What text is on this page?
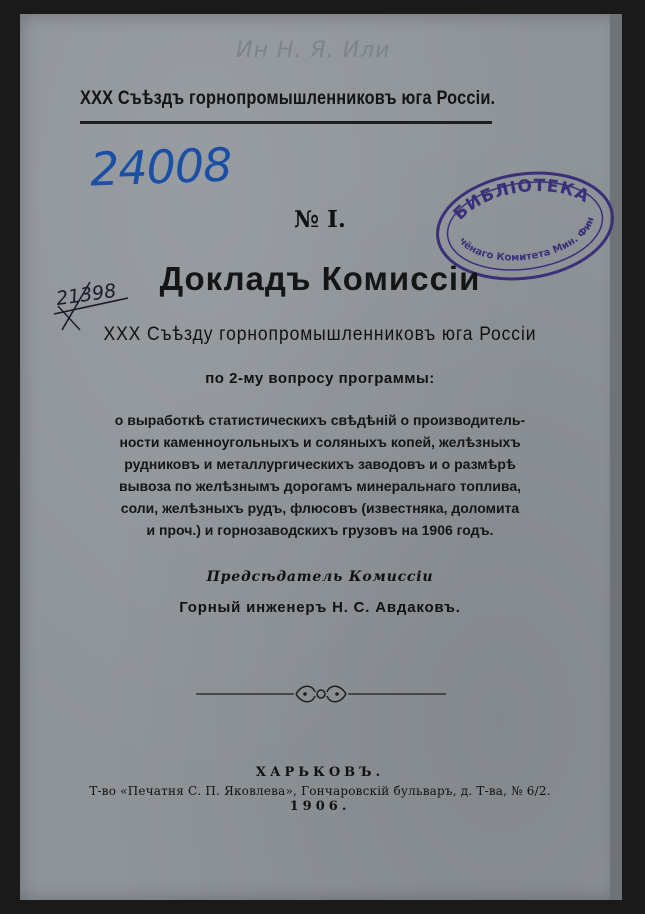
Ин Н. Я. Или
XXX Съѣздъ горнопромышленниковъ юга Россіи.
24008
БИБЛІОТЕКА
Учёнаго Комитета Мин. Фин.
21398
№ I.
Докладъ Комиссіи
XXX Съѣзду горнопромышленниковъ юга Россіи
по 2-му вопросу программы:
о выработкѣ статистическихъ свѣдѣній о производитель-
ности каменноугольныхъ и соляныхъ копей, желѣзныхъ
рудниковъ и металлургическихъ заводовъ и о размѣрѣ
вывоза по желѣзнымъ дорогамъ минеральнаго топлива,
соли, желѣзныхъ рудъ, флюсовъ (известняка, доломита
и проч.) и горнозаводскихъ грузовъ на 1906 годъ.
Предсѣдатель Комиссіи
Горный инженеръ Н. С. Авдаковъ.
ХАРЬКОВЪ.
Т-во «Печатня С. П. Яковлева», Гончаровскій бульваръ, д. Т-ва, № 6/2.
1906.
